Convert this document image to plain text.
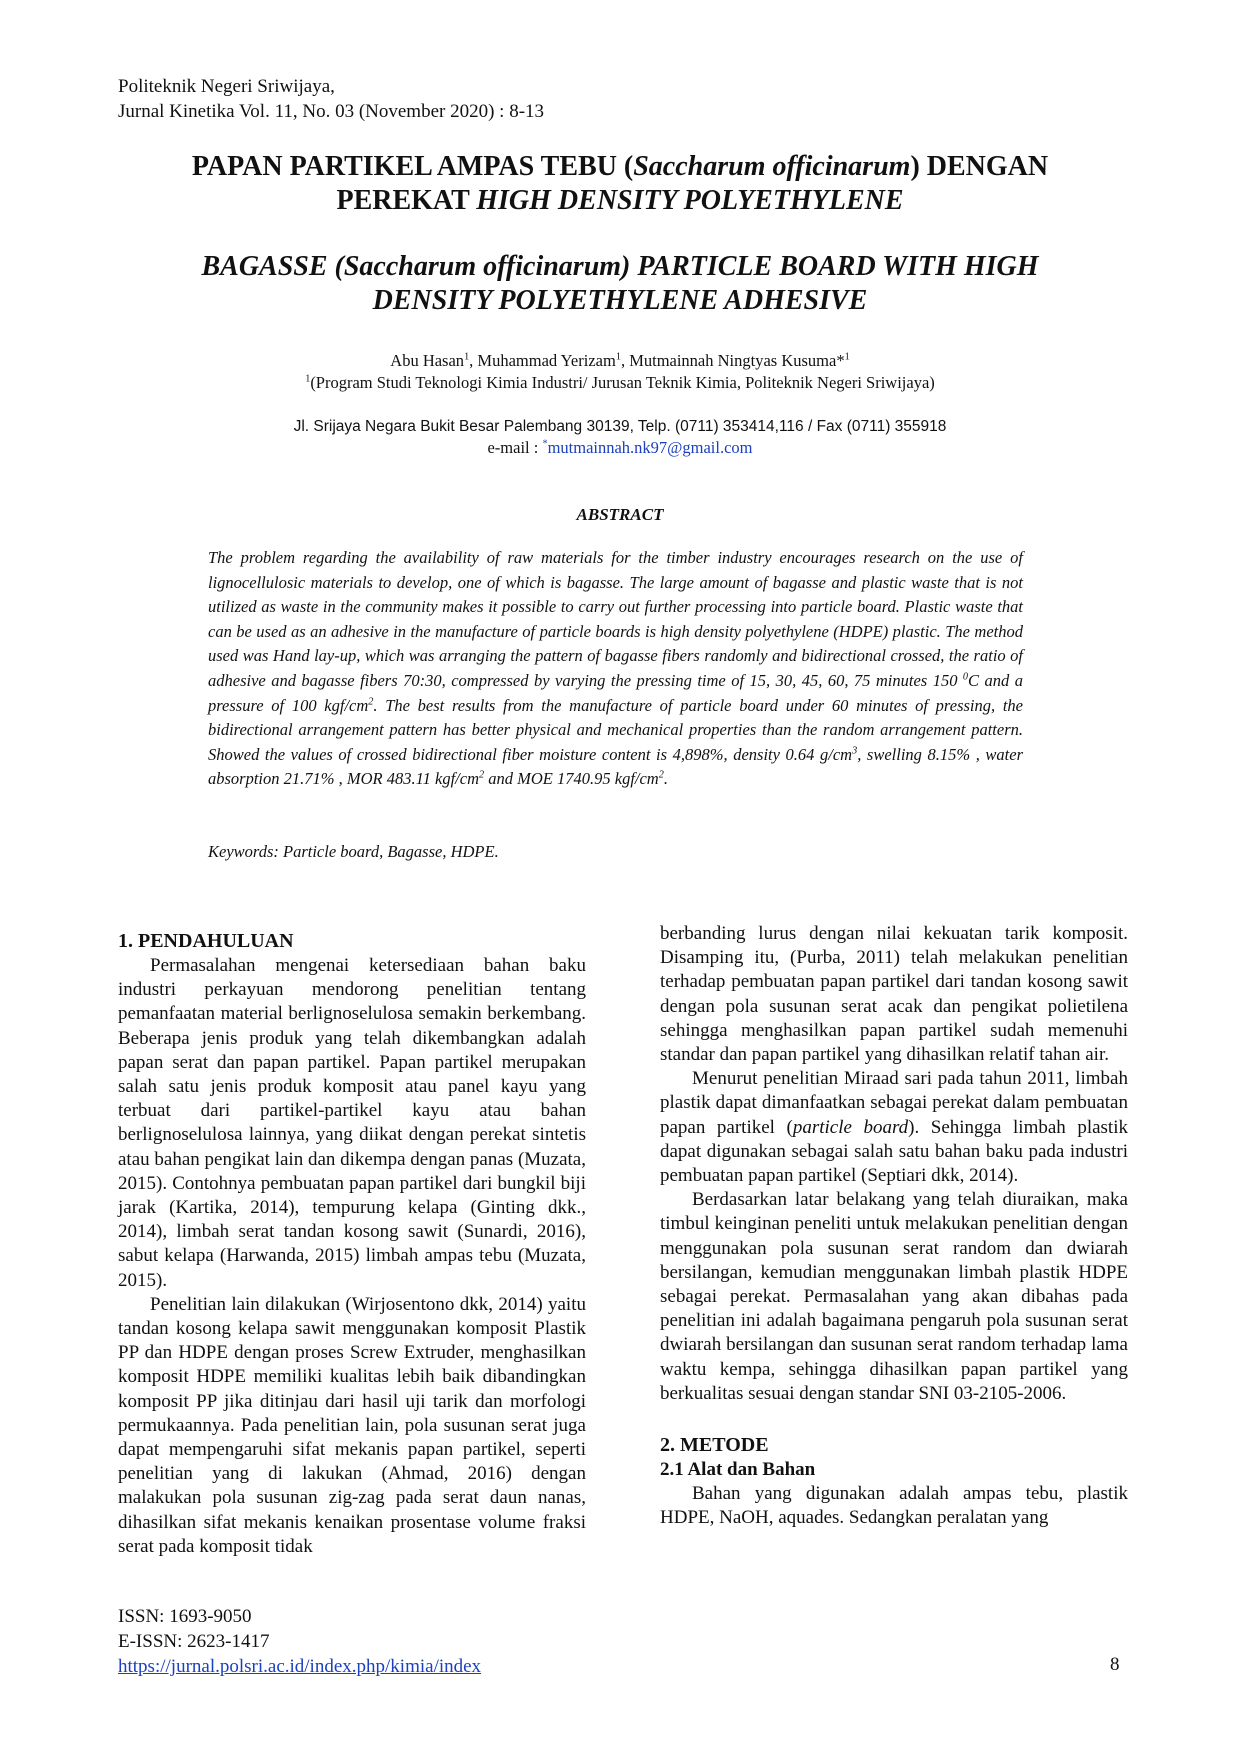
Politeknik Negeri Sriwijaya,
Jurnal Kinetika Vol. 11, No. 03 (November 2020) : 8-13
PAPAN PARTIKEL AMPAS TEBU (Saccharum officinarum) DENGAN
PEREKAT HIGH DENSITY POLYETHYLENE
BAGASSE (Saccharum officinarum) PARTICLE BOARD WITH HIGH
DENSITY POLYETHYLENE ADHESIVE
Abu Hasan$^1$, Muhammad Yerizam$^1$, Mutmainnah Ningtyas Kusuma*$^1$
$^1$(Program Studi Teknologi Kimia Industri/ Jurusan Teknik Kimia, Politeknik Negeri Sriwijaya)
Jl. Srijaya Negara Bukit Besar Palembang 30139, Telp. (0711) 353414,116 / Fax (0711) 355918
e-mail : *mutmainnah.nk97@gmail.com
ABSTRACT
The problem regarding the availability of raw materials for the timber industry encourages research on the use of lignocellulosic materials to develop, one of which is bagasse. The large amount of bagasse and plastic waste that is not utilized as waste in the community makes it possible to carry out further processing into particle board. Plastic waste that can be used as an adhesive in the manufacture of particle boards is high density polyethylene (HDPE) plastic. The method used was Hand lay-up, which was arranging the pattern of bagasse fibers randomly and bidirectional crossed, the ratio of adhesive and bagasse fibers 70:30, compressed by varying the pressing time of 15, 30, 45, 60, 75 minutes 150 $^0$C and a pressure of 100 kgf/$cm^2$. The best results from the manufacture of particle board under 60 minutes of pressing, the bidirectional arrangement pattern has better physical and mechanical properties than the random arrangement pattern. Showed the values of crossed bidirectional fiber moisture content is 4,898%, density 0.64 $g/cm^3$, swelling 8.15% , water absorption 21.71% , MOR 483.11 kgf/$cm^2$ and MOE 1740.95 kgf/$cm^2$.
Keywords: Particle board, Bagasse, HDPE.

1. PENDAHULUAN

Permasalahan mengenai ketersediaan bahan baku industri perkayuan mendorong penelitian tentang pemanfaatan material berlignoselulosa semakin berkembang. Beberapa jenis produk yang telah dikembangkan adalah papan serat dan papan partikel. Papan partikel merupakan salah satu jenis produk komposit atau panel kayu yang terbuat dari partikel-partikel kayu atau bahan berlignoselulosa lainnya, yang diikat dengan perekat sintetis atau bahan pengikat lain dan dikempa dengan panas (Muzata, 2015). Contohnya pembuatan papan partikel dari bungkil biji jarak (Kartika, 2014), tempurung kelapa (Ginting dkk., 2014), limbah serat tandan kosong sawit (Sunardi, 2016), sabut kelapa (Harwanda, 2015) limbah ampas tebu (Muzata, 2015).

Penelitian lain dilakukan (Wirjosentono dkk, 2014) yaitu tandan kosong kelapa sawit menggunakan komposit Plastik PP dan HDPE dengan proses Screw Extruder, menghasilkan komposit HDPE memiliki kualitas lebih baik dibandingkan komposit PP jika ditinjau dari hasil uji tarik dan morfologi permukaannya. Pada penelitian lain, pola susunan serat juga dapat mempengaruhi sifat mekanis papan partikel, seperti penelitian yang di lakukan (Ahmad, 2016) dengan malakukan pola susunan zig-zag pada serat daun nanas, dihasilkan sifat mekanis kenaikan prosentase volume fraksi serat pada komposit tidak

berbanding lurus dengan nilai kekuatan tarik komposit. Disamping itu, (Purba, 2011) telah melakukan penelitian terhadap pembuatan papan partikel dari tandan kosong sawit dengan pola susunan serat acak dan pengikat polietilena sehingga menghasilkan papan partikel sudah memenuhi standar dan papan partikel yang dihasilkan relatif tahan air.

Menurut penelitian Miraad sari pada tahun 2011, limbah plastik dapat dimanfaatkan sebagai perekat dalam pembuatan papan partikel (particle board). Sehingga limbah plastik dapat digunakan sebagai salah satu bahan baku pada industri pembuatan papan partikel (Septiari dkk, 2014).

Berdasarkan latar belakang yang telah diuraikan, maka timbul keinginan peneliti untuk melakukan penelitian dengan menggunakan pola susunan serat random dan dwiarah bersilangan, kemudian menggunakan limbah plastik HDPE sebagai perekat. Permasalahan yang akan dibahas pada penelitian ini adalah bagaimana pengaruh pola susunan serat dwiarah bersilangan dan susunan serat random terhadap lama waktu kempa, sehingga dihasilkan papan partikel yang berkualitas sesuai dengan standar SNI 03-2105-2006.

2. METODE

2.1 Alat dan Bahan

Bahan yang digunakan adalah ampas tebu, plastik HDPE, NaOH, aquades. Sedangkan peralatan yang

ISSN: 1693-9050
E-ISSN: 2623-1417
https://jurnal.polsri.ac.id/index.php/kimia/index	8
